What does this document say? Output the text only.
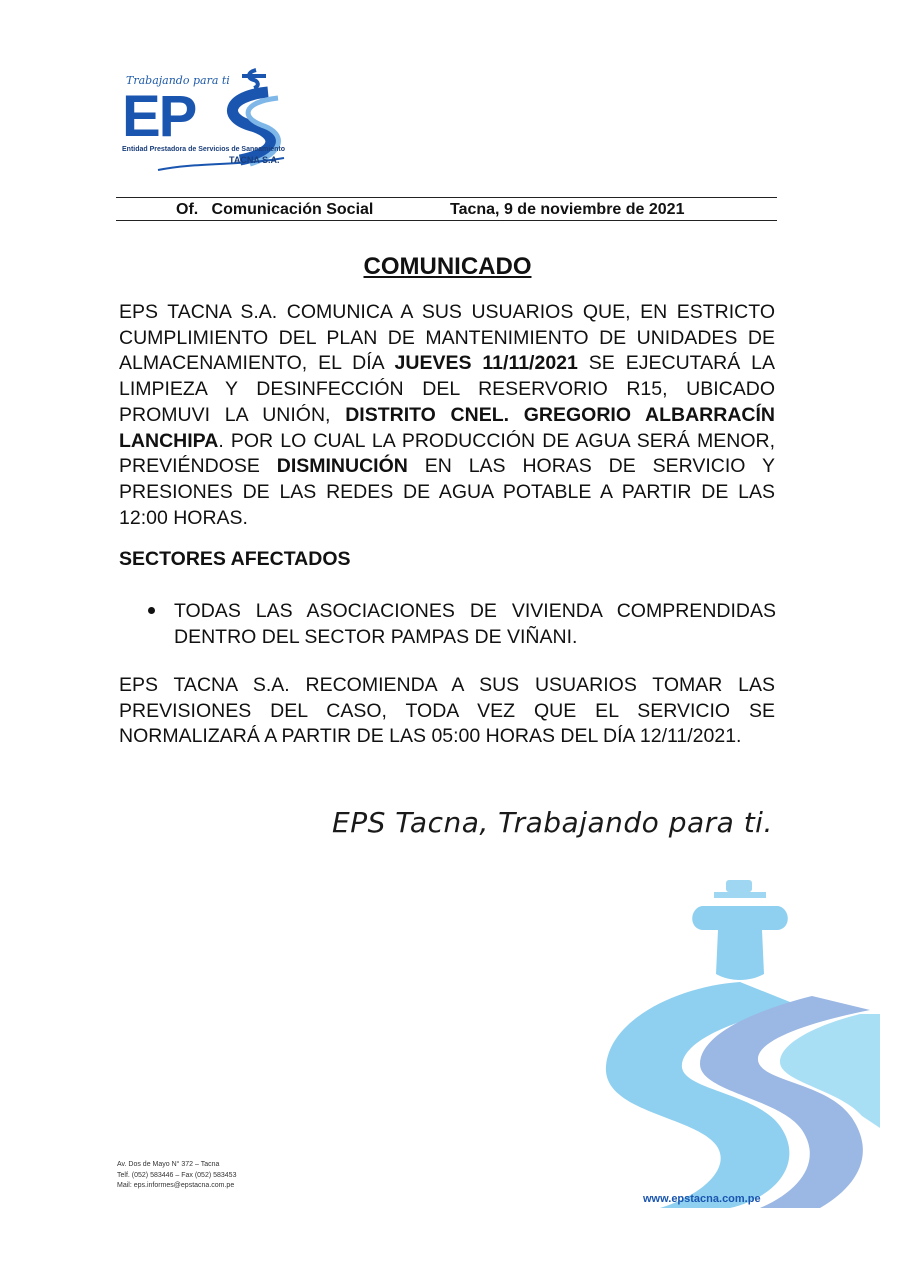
Trabajando para ti
EP
Entidad Prestadora de Servicios de Saneamiento
TACNA S.A.
Of.   Comunicación Social	Tacna, 9 de noviembre de 2021
COMUNICADO
EPS TACNA S.A. COMUNICA A SUS USUARIOS QUE, EN ESTRICTO CUMPLIMIENTO DEL PLAN DE MANTENIMIENTO DE UNIDADES DE ALMACENAMIENTO, EL DÍA JUEVES 11/11/2021 SE EJECUTARÁ LA LIMPIEZA Y DESINFECCIÓN DEL RESERVORIO R15, UBICADO PROMUVI LA UNIÓN, DISTRITO CNEL. GREGORIO ALBARRACÍN LANCHIPA. POR LO CUAL LA PRODUCCIÓN DE AGUA SERÁ MENOR, PREVIÉNDOSE DISMINUCIÓN EN LAS HORAS DE SERVICIO Y PRESIONES DE LAS REDES DE AGUA POTABLE A PARTIR DE LAS 12:00 HORAS.
SECTORES AFECTADOS
TODAS LAS ASOCIACIONES DE VIVIENDA COMPRENDIDAS DENTRO DEL SECTOR PAMPAS DE VIÑANI.
EPS TACNA S.A. RECOMIENDA A SUS USUARIOS TOMAR LAS PREVISIONES DEL CASO, TODA VEZ QUE EL SERVICIO SE NORMALIZARÁ A PARTIR DE LAS 05:00 HORAS DEL DÍA 12/11/2021.
EPS Tacna, Trabajando para ti.
Av. Dos de Mayo N° 372 – Tacna
Telf. (052) 583446 – Fax (052) 583453
Mail: eps.informes@epstacna.com.pe
www.epstacna.com.pe
